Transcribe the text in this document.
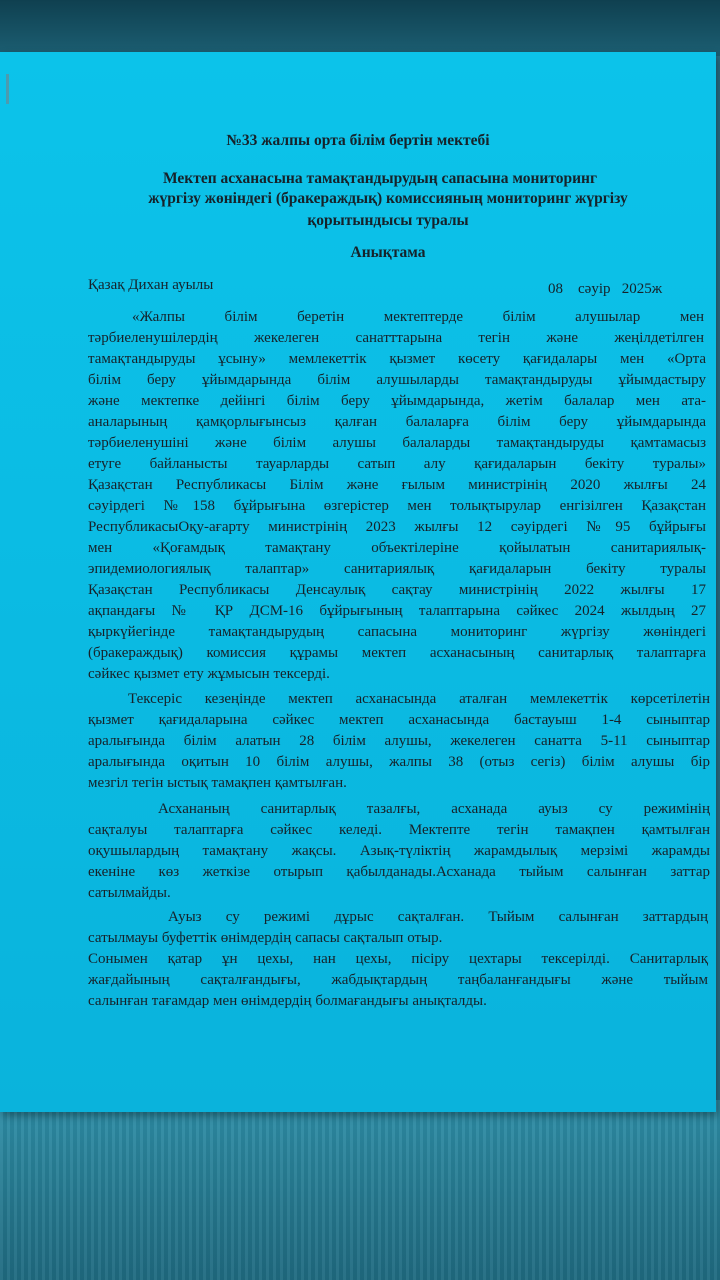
№33 жалпы орта білім бертін мектебі
Мектеп асханасына тамақтандырудың сапасына мониторинг
жүргізу жөніндегі (бракераждық) комиссияның мониторинг жүргізу
қорытындысы туралы
Анықтама
Қазақ Дихан ауылы	08    сәуір   2025ж
«Жалпы білім беретін мектептерде білім алушылар мен
тәрбиеленушілердің жекелеген санатттарына тегін және жеңілдетілген
тамақтандыруды ұсыну» мемлекеттік қызмет көсету қағидалары мен «Орта
білім беру ұйымдарында білім алушыларды тамақтандыруды ұйымдастыру
және мектепке дейінгі білім беру ұйымдарында, жетім балалар мен ата-
аналарының қамқорлығынсыз қалған балаларға білім беру ұйымдарында
тәрбиеленушіні және білім алушы балаларды тамақтандыруды қамтамасыз
етуге байланысты тауарларды сатып алу қағидаларын бекіту туралы»
Қазақстан Республикасы Білім және ғылым министрінің 2020 жылғы 24
сәуірдегі №158 бұйрығына өзгерістер мен толықтырулар енгізілген Қазақстан
РеспубликасыОқу-ағарту министрінің 2023 жылғы 12 сәуірдегі №95 бұйрығы
мен «Қоғамдық тамақтану объектілеріне қойылатын санитариялық-
эпидемиологиялық талаптар» санитариялық қағидаларын бекіту туралы
Қазақстан Республикасы Денсаулық сақтау министрінің 2022 жылғы 17
ақпандағы № ҚР ДСМ-16 бұйрығының талаптарына сәйкес 2024 жылдың 27
қыркүйегінде тамақтандырудың сапасына мониторинг жүргізу жөніндегі
(бракераждық) комиссия құрамы мектеп асханасының санитарлық талаптарға
сәйкес қызмет ету жұмысын тексерді.
Тексеріс кезеңінде мектеп асханасында аталған мемлекеттік көрсетілетін
қызмет қағидаларына сәйкес мектеп асханасында бастауыш 1-4 сыныптар
аралығында білім алатын 28 білім алушы, жекелеген санатта 5-11 сыныптар
аралығында оқитын 10 білім алушы, жалпы 38 (отыз сегіз) білім алушы бір
мезгіл тегін ыстық тамақпен қамтылған.
Асхананың санитарлық тазалғы, асханада ауыз су режимінің
сақталуы талаптарға сәйкес келеді. Мектепте тегін тамақпен қамтылған
оқушылардың тамақтану жақсы. Азық-түліктің жарамдылық мерзімі жарамды
екеніне көз жеткізе отырып қабылданады.Асханада тыйым салынған заттар
сатылмайды.
Ауыз су режимі дұрыс сақталған. Тыйым салынған заттардың
сатылмауы буфеттік өнімдердің сапасы сақталып отыр.
Сонымен қатар ұн цехы, нан цехы, пісіру цехтары тексерілді. Санитарлық
жағдайының сақталғандығы, жабдықтардың таңбаланғандығы және тыйым
салынған тағамдар мен өнімдердің болмағандығы анықталды.
